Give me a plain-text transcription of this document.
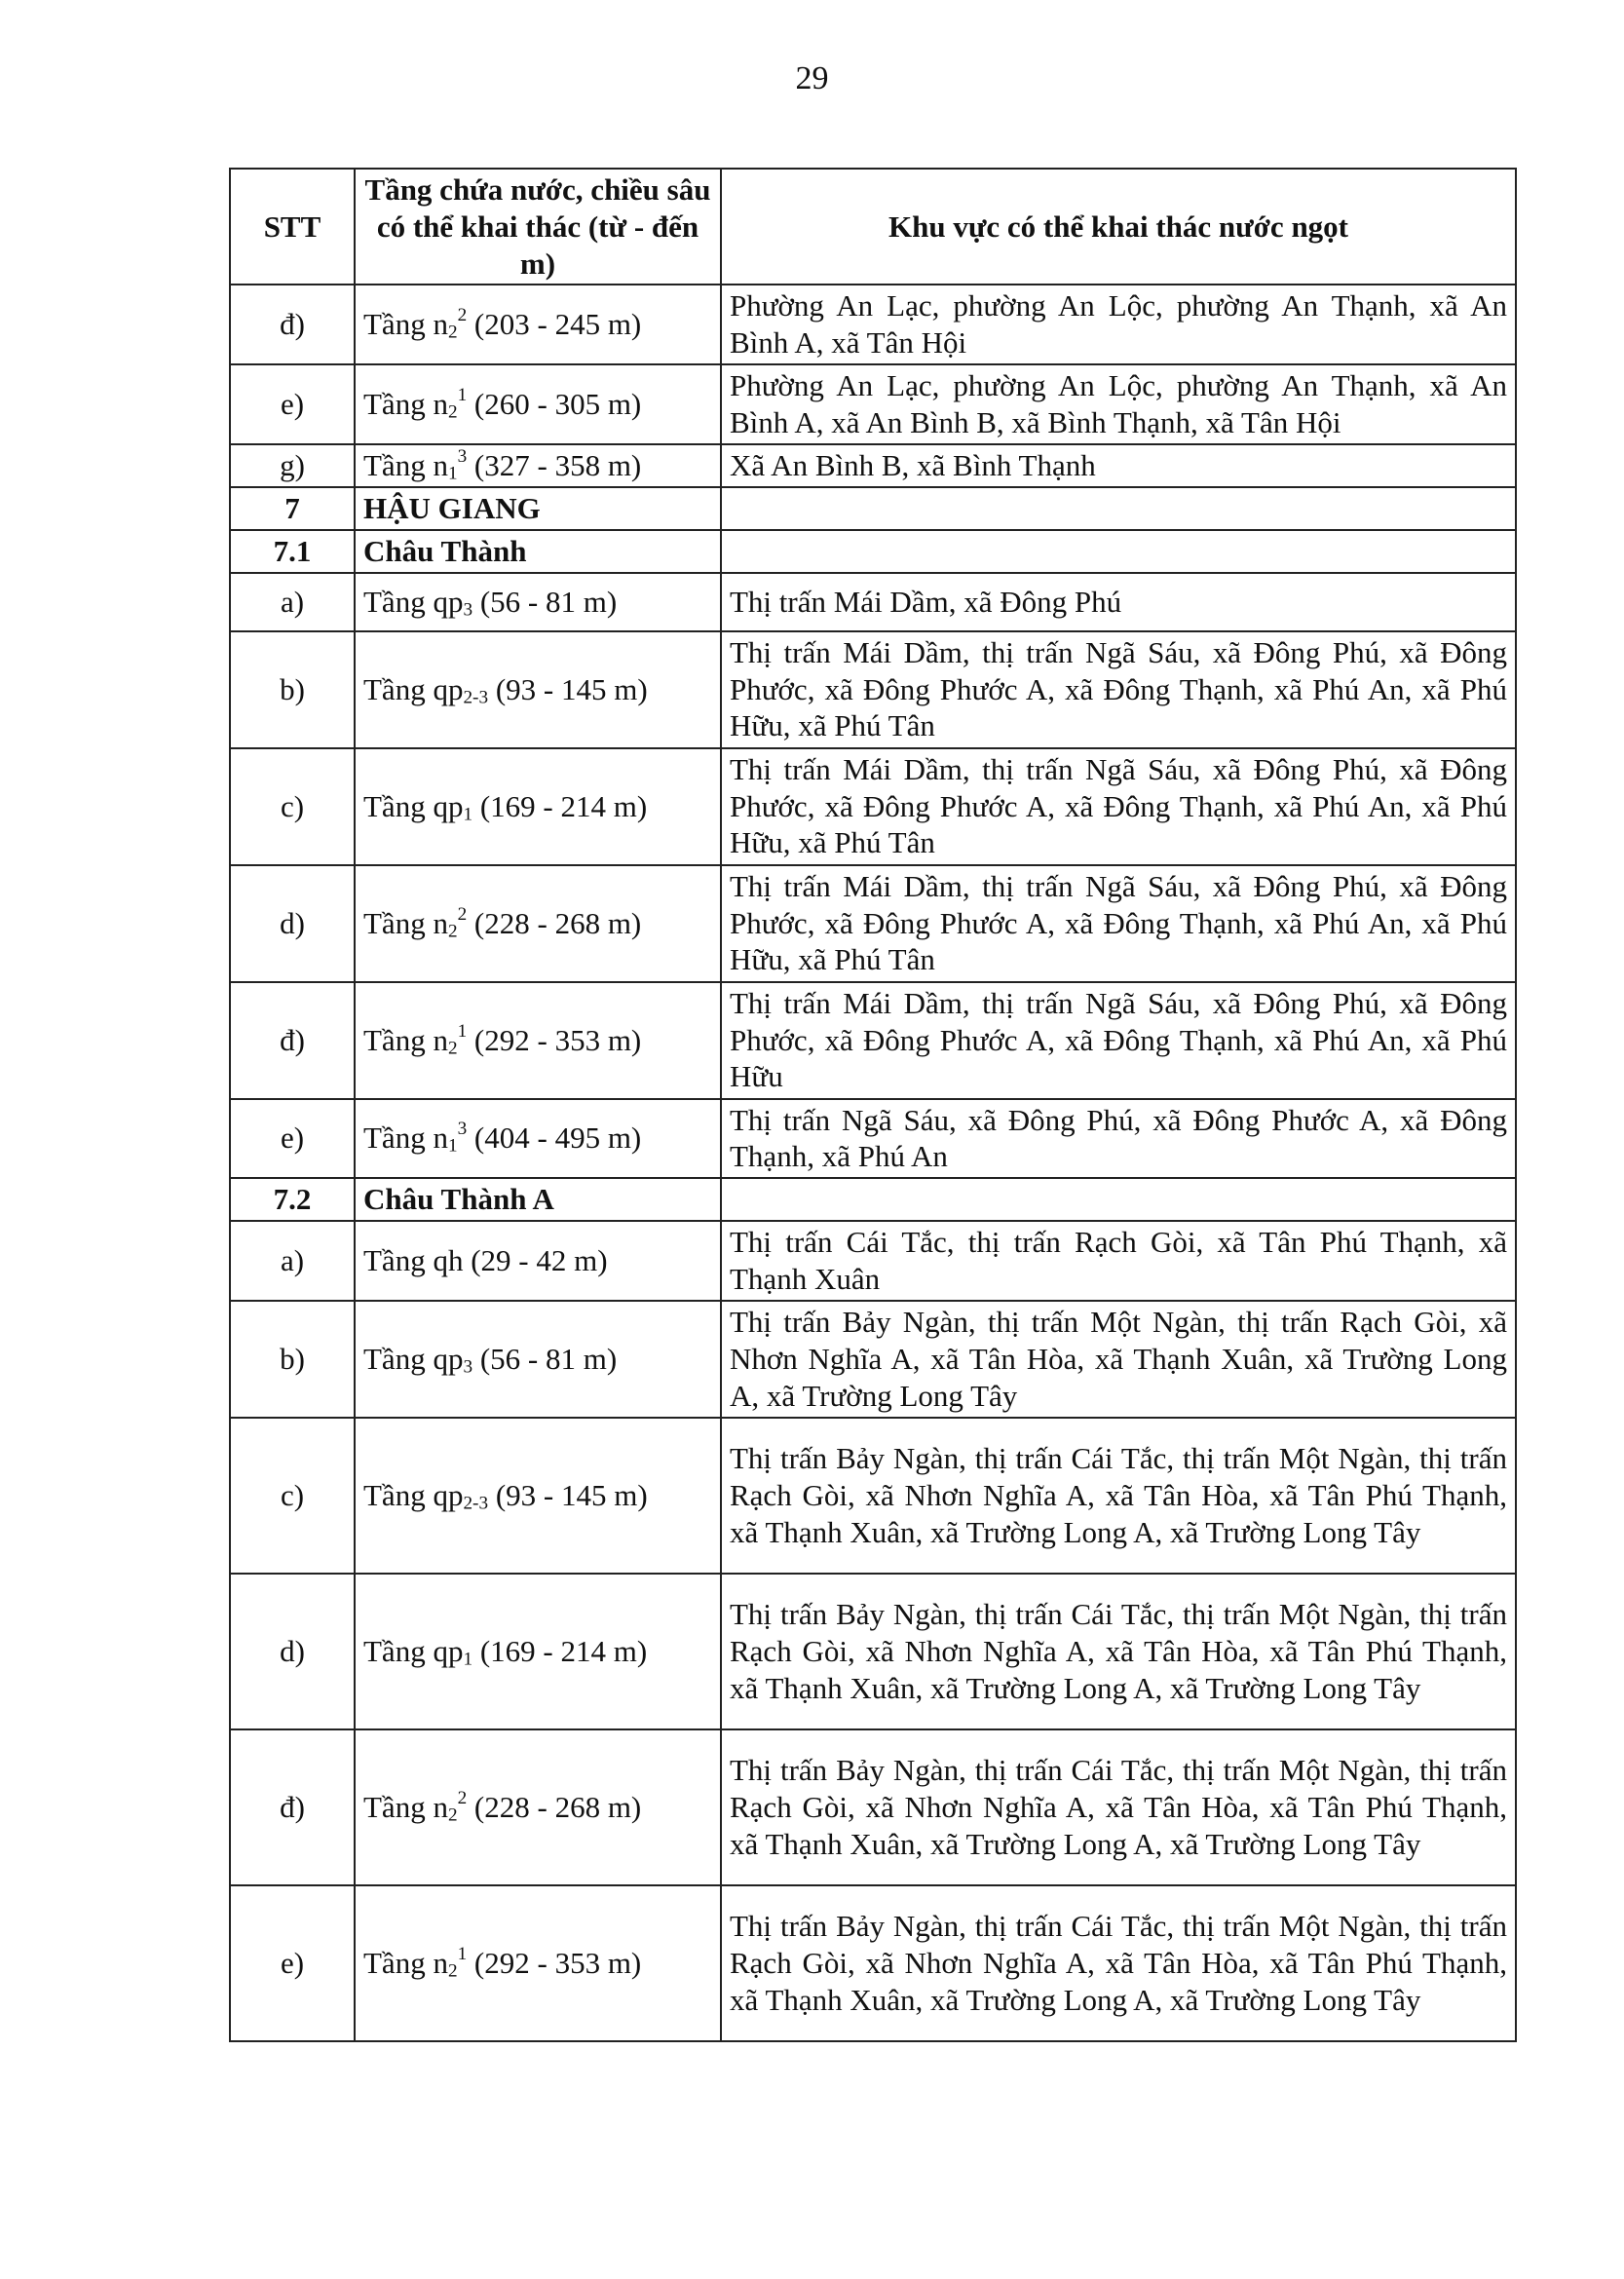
29
STT	Tầng chứa nước, chiều sâu có thể khai thác (từ - đến m)	Khu vực có thể khai thác nước ngọt
đ)	Tầng $n_2^2$ (203 - 245 m)	Phường An Lạc, phường An Lộc, phường An Thạnh, xã An Bình A, xã Tân Hội
e)	Tầng $n_2^1$ (260 - 305 m)	Phường An Lạc, phường An Lộc, phường An Thạnh, xã An Bình A, xã An Bình B, xã Bình Thạnh, xã Tân Hội
g)	Tầng $n_1^3$ (327 - 358 m)	Xã An Bình B, xã Bình Thạnh
7	HẬU GIANG	
7.1	Châu Thành	
a)	Tầng $qp_3$ (56 - 81 m)	Thị trấn Mái Dầm, xã Đông Phú
b)	Tầng $qp_{2-3}$ (93 - 145 m)	Thị trấn Mái Dầm, thị trấn Ngã Sáu, xã Đông Phú, xã Đông Phước, xã Đông Phước A, xã Đông Thạnh, xã Phú An, xã Phú Hữu, xã Phú Tân
c)	Tầng $qp_1$ (169 - 214 m)	Thị trấn Mái Dầm, thị trấn Ngã Sáu, xã Đông Phú, xã Đông Phước, xã Đông Phước A, xã Đông Thạnh, xã Phú An, xã Phú Hữu, xã Phú Tân
d)	Tầng $n_2^2$ (228 - 268 m)	Thị trấn Mái Dầm, thị trấn Ngã Sáu, xã Đông Phú, xã Đông Phước, xã Đông Phước A, xã Đông Thạnh, xã Phú An, xã Phú Hữu, xã Phú Tân
đ)	Tầng $n_2^1$ (292 - 353 m)	Thị trấn Mái Dầm, thị trấn Ngã Sáu, xã Đông Phú, xã Đông Phước, xã Đông Phước A, xã Đông Thạnh, xã Phú An, xã Phú Hữu
e)	Tầng $n_1^3$ (404 - 495 m)	Thị trấn Ngã Sáu, xã Đông Phú, xã Đông Phước A, xã Đông Thạnh, xã Phú An
7.2	Châu Thành A	
a)	Tầng qh (29 - 42 m)	Thị trấn Cái Tắc, thị trấn Rạch Gòi, xã Tân Phú Thạnh, xã Thạnh Xuân
b)	Tầng $qp_3$ (56 - 81 m)	Thị trấn Bảy Ngàn, thị trấn Một Ngàn, thị trấn Rạch Gòi, xã Nhơn Nghĩa A, xã Tân Hòa, xã Thạnh Xuân, xã Trường Long A, xã Trường Long Tây
c)	Tầng $qp_{2-3}$ (93 - 145 m)	Thị trấn Bảy Ngàn, thị trấn Cái Tắc, thị trấn Một Ngàn, thị trấn Rạch Gòi, xã Nhơn Nghĩa A, xã Tân Hòa, xã Tân Phú Thạnh, xã Thạnh Xuân, xã Trường Long A, xã Trường Long Tây
d)	Tầng $qp_1$ (169 - 214 m)	Thị trấn Bảy Ngàn, thị trấn Cái Tắc, thị trấn Một Ngàn, thị trấn Rạch Gòi, xã Nhơn Nghĩa A, xã Tân Hòa, xã Tân Phú Thạnh, xã Thạnh Xuân, xã Trường Long A, xã Trường Long Tây
đ)	Tầng $n_2^2$ (228 - 268 m)	Thị trấn Bảy Ngàn, thị trấn Cái Tắc, thị trấn Một Ngàn, thị trấn Rạch Gòi, xã Nhơn Nghĩa A, xã Tân Hòa, xã Tân Phú Thạnh, xã Thạnh Xuân, xã Trường Long A, xã Trường Long Tây
e)	Tầng $n_2^1$ (292 - 353 m)	Thị trấn Bảy Ngàn, thị trấn Cái Tắc, thị trấn Một Ngàn, thị trấn Rạch Gòi, xã Nhơn Nghĩa A, xã Tân Hòa, xã Tân Phú Thạnh, xã Thạnh Xuân, xã Trường Long A, xã Trường Long Tây
